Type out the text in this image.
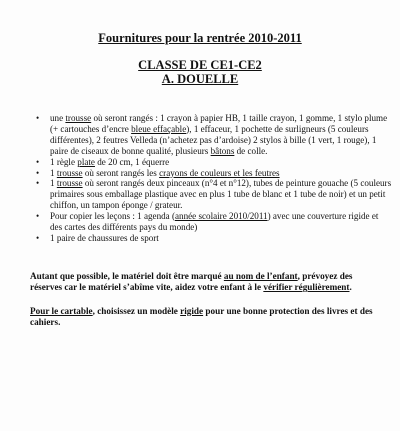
Fournitures pour la rentrée 2010-2011
CLASSE DE CE1-CE2
A. DOUELLE
• une trousse où seront rangés : 1 crayon à papier HB, 1 taille crayon, 1 gomme, 1 stylo plume (+ cartouches d’encre bleue effaçable), 1 effaceur, 1 pochette de surligneurs (5 couleurs différentes), 2 feutres Velleda (n’achetez pas d’ardoise) 2 stylos à bille (1 vert, 1 rouge), 1 paire de ciseaux de bonne qualité, plusieurs bâtons de colle.
• 1 règle plate de 20 cm, 1 équerre
• 1 trousse où seront rangés les crayons de couleurs et les feutres
• 1 trousse où seront rangés deux pinceaux (n°4 et n°12), tubes de peinture gouache (5 couleurs primaires sous emballage plastique avec en plus 1 tube de blanc et 1 tube de noir) et un petit chiffon, un tampon éponge / grateur.
• Pour copier les leçons : 1 agenda (année scolaire 2010/2011) avec une couverture rigide et des cartes des différents pays du monde)
• 1 paire de chaussures de sport
Autant que possible, le matériel doit être marqué au nom de l’enfant, prévoyez des réserves car le matériel s’abîme vite, aidez votre enfant à le vérifier régulièrement.
Pour le cartable, choisissez un modèle rigide pour une bonne protection des livres et des cahiers.
